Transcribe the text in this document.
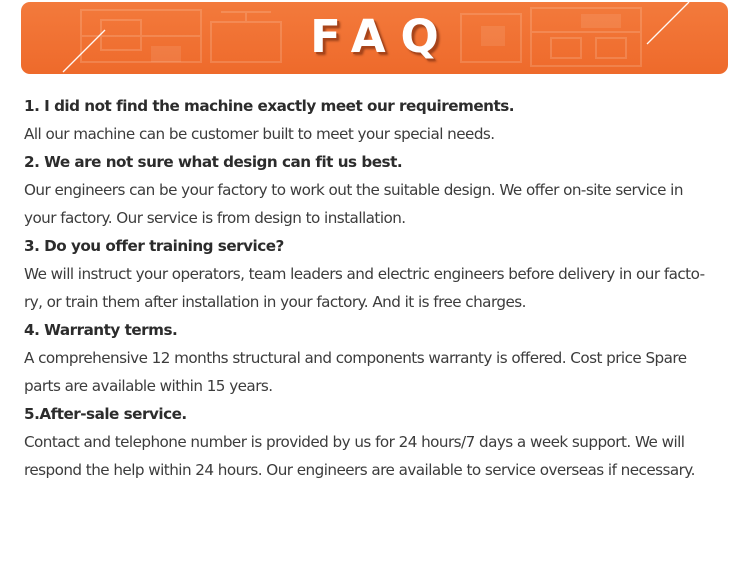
FAQ
1. I did not find the machine exactly meet our requirements.
All our machine can be customer built to meet your special needs.
2. We are not sure what design can fit us best.
Our engineers can be your factory to work out the suitable design. We offer on-site service in
your factory. Our service is from design to installation.
3. Do you offer training service?
We will instruct your operators, team leaders and electric engineers before delivery in our facto-
ry, or train them after installation in your factory. And it is free charges.
4. Warranty terms.
A comprehensive 12 months structural and components warranty is offered. Cost price Spare
parts are available within 15 years.
5.After-sale service.
Contact and telephone number is provided by us for 24 hours/7 days a week support. We will
respond the help within 24 hours. Our engineers are available to service overseas if necessary.
